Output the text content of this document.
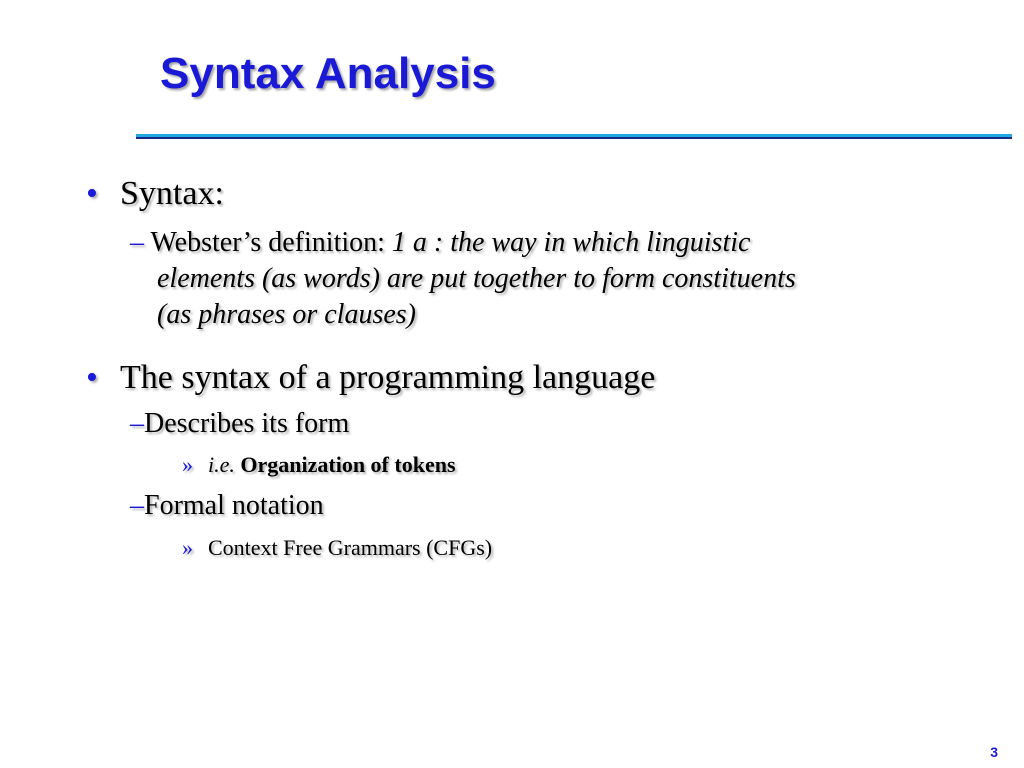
Syntax Analysis
• Syntax:
– Webster’s definition: 1 a : the way in which linguistic
elements (as words) are put together to form constituents
(as phrases or clauses)
• The syntax of a programming language
– Describes its form
» i.e. Organization of tokens
– Formal notation
» Context Free Grammars (CFGs)
3
